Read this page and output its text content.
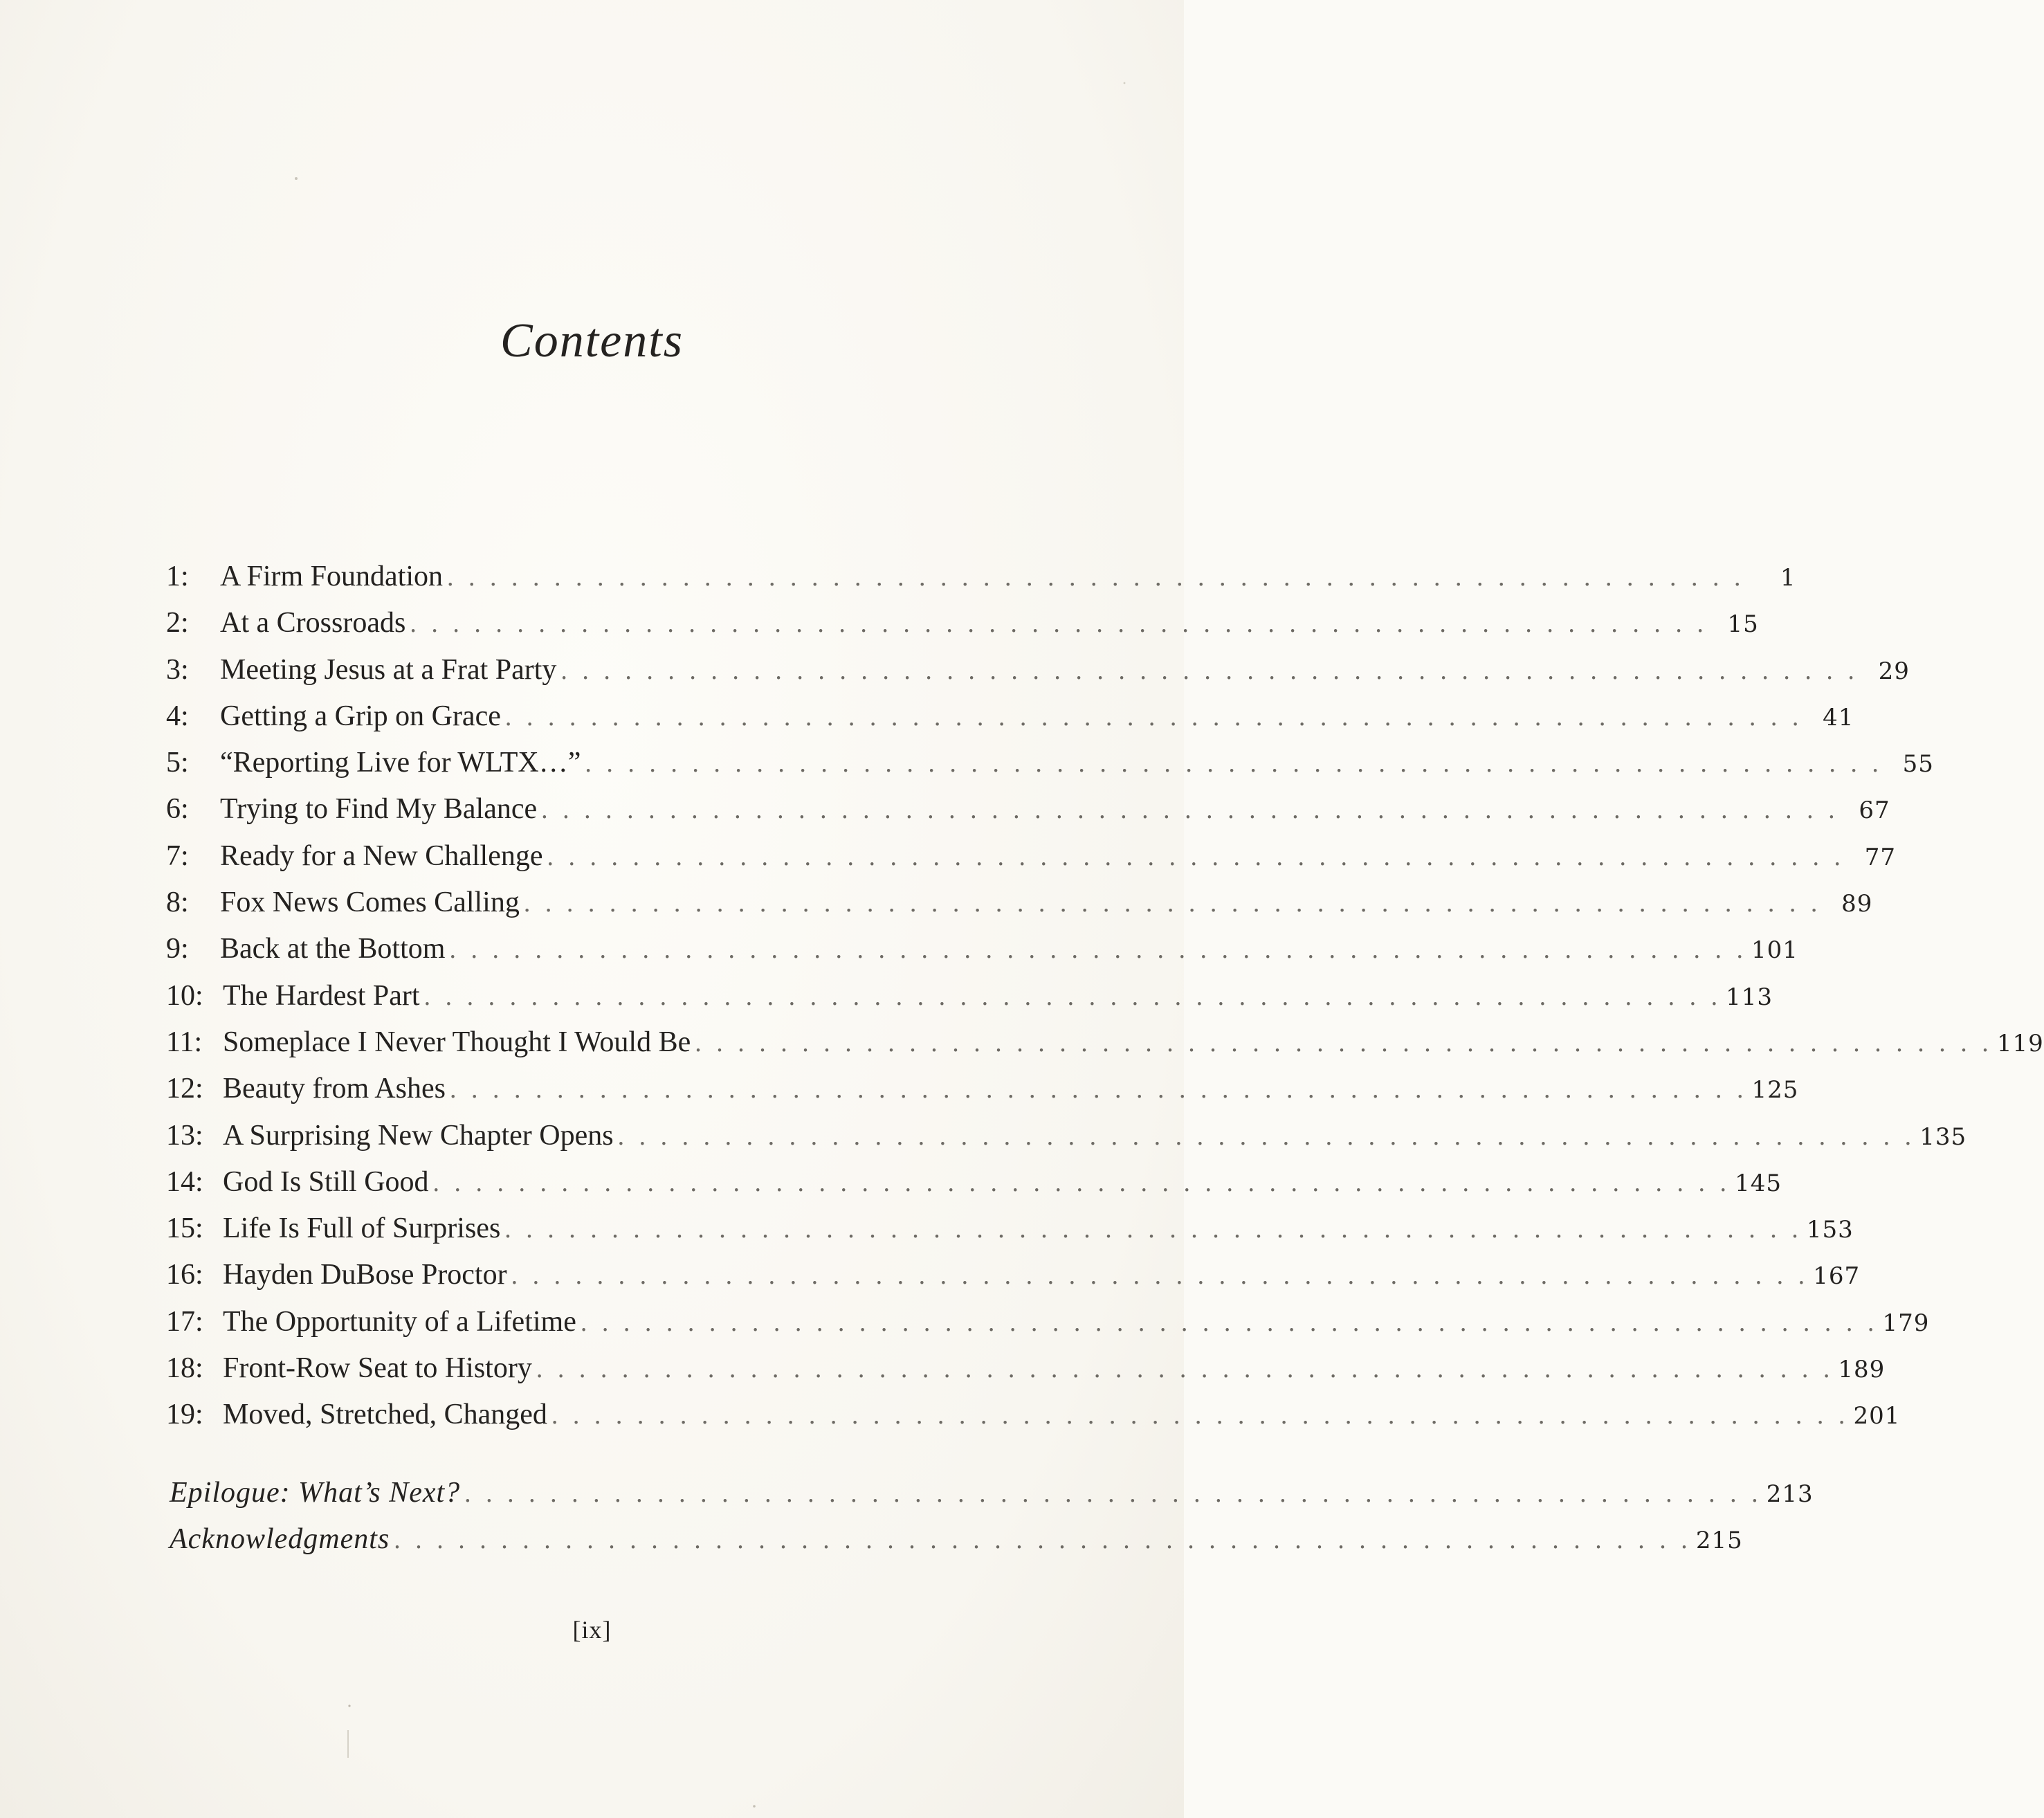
Contents
1:	A Firm Foundation . . . . . . . . . . . . . . . . . . . . . . . . . . . . . . . . . . . . . . . . . . . . . . . . . . . . . . . . . . . . .	1
2:	At a Crossroads . . . . . . . . . . . . . . . . . . . . . . . . . . . . . . . . . . . . . . . . . . . . . . . . . . . . . . . . . . . . . 15
3:	Meeting Jesus at a Frat Party . . . . . . . . . . . . . . . . . . . . . . . . . . . . . . . . . . . . . . . . . . . . . . . . . . . . . . . . . . . . . 29
4:	Getting a Grip on Grace . . . . . . . . . . . . . . . . . . . . . . . . . . . . . . . . . . . . . . . . . . . . . . . . . . . . . . . . . . . . . 41
5:	“Reporting Live for WLTX…” . . . . . . . . . . . . . . . . . . . . . . . . . . . . . . . . . . . . . . . . . . . . . . . . . . . . . . . . . . . . . 55
6:	Trying to Find My Balance . . . . . . . . . . . . . . . . . . . . . . . . . . . . . . . . . . . . . . . . . . . . . . . . . . . . . . . . . . . . . 67
7:	Ready for a New Challenge . . . . . . . . . . . . . . . . . . . . . . . . . . . . . . . . . . . . . . . . . . . . . . . . . . . . . . . . . . . . . 77
8:	Fox News Comes Calling . . . . . . . . . . . . . . . . . . . . . . . . . . . . . . . . . . . . . . . . . . . . . . . . . . . . . . . . . . . . . 89
9:	Back at the Bottom . . . . . . . . . . . . . . . . . . . . . . . . . . . . . . . . . . . . . . . . . . . . . . . . . . . . . . . . . . . . . 101
10: The Hardest Part . . . . . . . . . . . . . . . . . . . . . . . . . . . . . . . . . . . . . . . . . . . . . . . . . . . . . . . . . . . . . 113
11: Someplace I Never Thought I Would Be . . . . . . . . . . . . . . . . . . . . . . . . . . . . . . . . . . . . . . . . . . . . . . . . . . . . . . . . . . . . . 119
12: Beauty from Ashes . . . . . . . . . . . . . . . . . . . . . . . . . . . . . . . . . . . . . . . . . . . . . . . . . . . . . . . . . . . . . 125
13: A Surprising New Chapter Opens . . . . . . . . . . . . . . . . . . . . . . . . . . . . . . . . . . . . . . . . . . . . . . . . . . . . . . . . . . . . . 135
14: God Is Still Good . . . . . . . . . . . . . . . . . . . . . . . . . . . . . . . . . . . . . . . . . . . . . . . . . . . . . . . . . . . . . 145
15: Life Is Full of Surprises . . . . . . . . . . . . . . . . . . . . . . . . . . . . . . . . . . . . . . . . . . . . . . . . . . . . . . . . . . . . . 153
16: Hayden DuBose Proctor . . . . . . . . . . . . . . . . . . . . . . . . . . . . . . . . . . . . . . . . . . . . . . . . . . . . . . . . . . . . . 167
17: The Opportunity of a Lifetime . . . . . . . . . . . . . . . . . . . . . . . . . . . . . . . . . . . . . . . . . . . . . . . . . . . . . . . . . . . . . 179
18: Front-Row Seat to History . . . . . . . . . . . . . . . . . . . . . . . . . . . . . . . . . . . . . . . . . . . . . . . . . . . . . . . . . . . . . 189
19: Moved, Stretched, Changed . . . . . . . . . . . . . . . . . . . . . . . . . . . . . . . . . . . . . . . . . . . . . . . . . . . . . . . . . . . . . 201
Epilogue: What’s Next? . . . . . . . . . . . . . . . . . . . . . . . . . . . . . . . . . . . . . . . . . . . . . . . . . . . . . . . . . . . . . 213
Acknowledgments . . . . . . . . . . . . . . . . . . . . . . . . . . . . . . . . . . . . . . . . . . . . . . . . . . . . . . . . . . . . . 215
[ix]
